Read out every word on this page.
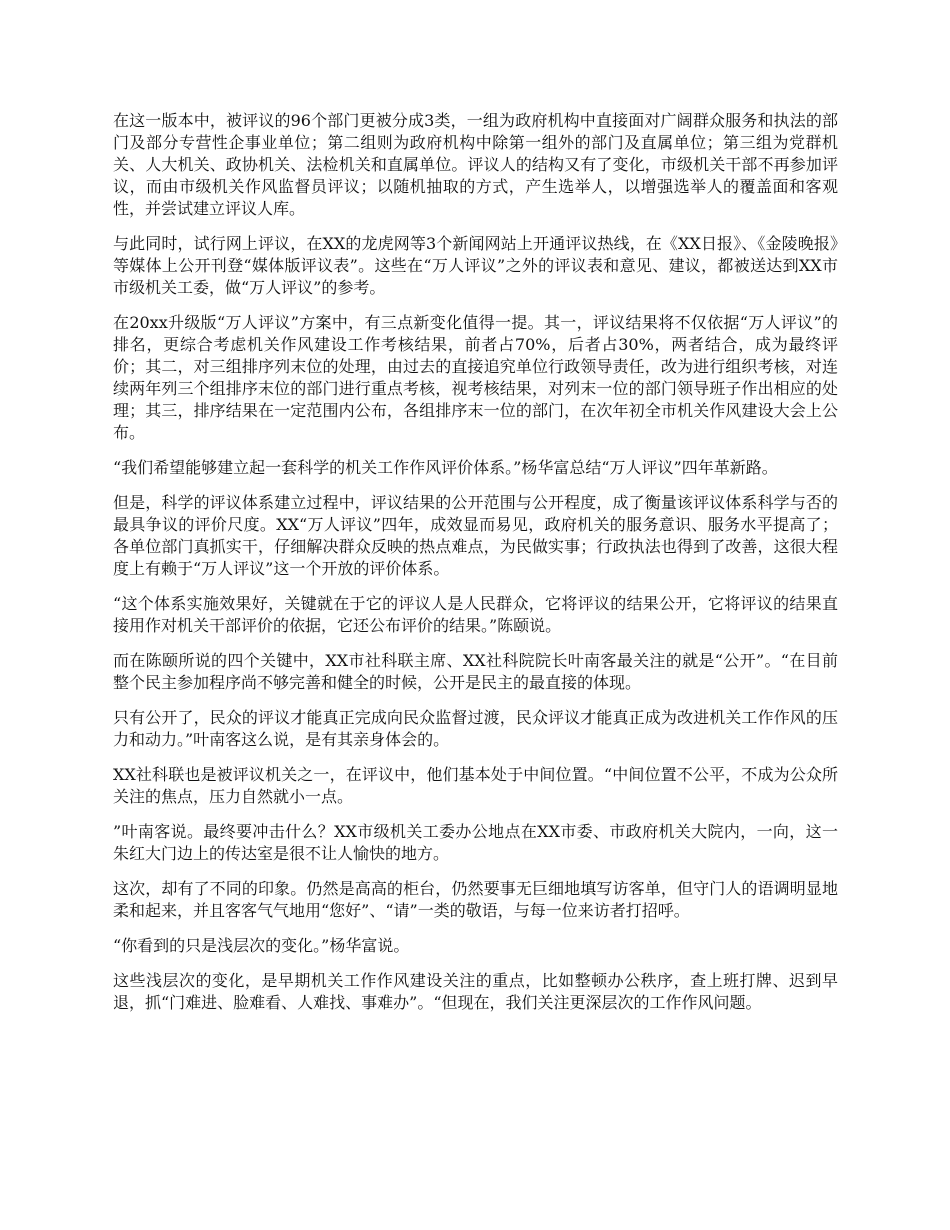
在这一版本中，被评议的96个部门更被分成3类，一组为政府机构中直接面对广阔群众服务和执法的部门及部分专营性企事业单位；第二组则为政府机构中除第一组外的部门及直属单位；第三组为党群机关、人大机关、政协机关、法检机关和直属单位。评议人的结构又有了变化，市级机关干部不再参加评议，而由市级机关作风监督员评议；以随机抽取的方式，产生选举人，以增强选举人的覆盖面和客观性，并尝试建立评议人库。

与此同时，试行网上评议，在XX的龙虎网等3个新闻网站上开通评议热线，在《XX日报》、《金陵晚报》等媒体上公开刊登“媒体版评议表”。这些在“万人评议”之外的评议表和意见、建议，都被送达到XX市市级机关工委，做“万人评议”的参考。

在20xx升级版“万人评议”方案中，有三点新变化值得一提。其一，评议结果将不仅依据“万人评议”的排名，更综合考虑机关作风建设工作考核结果，前者占70%，后者占30%，两者结合，成为最终评价；其二，对三组排序列末位的处理，由过去的直接追究单位行政领导责任，改为进行组织考核，对连续两年列三个组排序末位的部门进行重点考核，视考核结果，对列末一位的部门领导班子作出相应的处理；其三，排序结果在一定范围内公布，各组排序末一位的部门，在次年初全市机关作风建设大会上公布。

“我们希望能够建立起一套科学的机关工作作风评价体系。”杨华富总结“万人评议”四年革新路。

但是，科学的评议体系建立过程中，评议结果的公开范围与公开程度，成了衡量该评议体系科学与否的最具争议的评价尺度。XX“万人评议”四年，成效显而易见，政府机关的服务意识、服务水平提高了；各单位部门真抓实干，仔细解决群众反映的热点难点，为民做实事；行政执法也得到了改善，这很大程度上有赖于“万人评议”这一个开放的评价体系。

“这个体系实施效果好，关键就在于它的评议人是人民群众，它将评议的结果公开，它将评议的结果直接用作对机关干部评价的依据，它还公布评价的结果。”陈颐说。

而在陈颐所说的四个关键中，XX市社科联主席、XX社科院院长叶南客最关注的就是“公开”。“在目前整个民主参加程序尚不够完善和健全的时候，公开是民主的最直接的体现。

只有公开了，民众的评议才能真正完成向民众监督过渡，民众评议才能真正成为改进机关工作作风的压力和动力。”叶南客这么说，是有其亲身体会的。

XX社科联也是被评议机关之一，在评议中，他们基本处于中间位置。“中间位置不公平，不成为公众所关注的焦点，压力自然就小一点。

”叶南客说。最终要冲击什么？XX市级机关工委办公地点在XX市委、市政府机关大院内，一向，这一朱红大门边上的传达室是很不让人愉快的地方。

这次，却有了不同的印象。仍然是高高的柜台，仍然要事无巨细地填写访客单，但守门人的语调明显地柔和起来，并且客客气气地用“您好”、“请”一类的敬语，与每一位来访者打招呼。

“你看到的只是浅层次的变化。”杨华富说。

这些浅层次的变化，是早期机关工作作风建设关注的重点，比如整顿办公秩序，查上班打牌、迟到早退，抓“门难进、脸难看、人难找、事难办”。“但现在，我们关注更深层次的工作作风问题。
